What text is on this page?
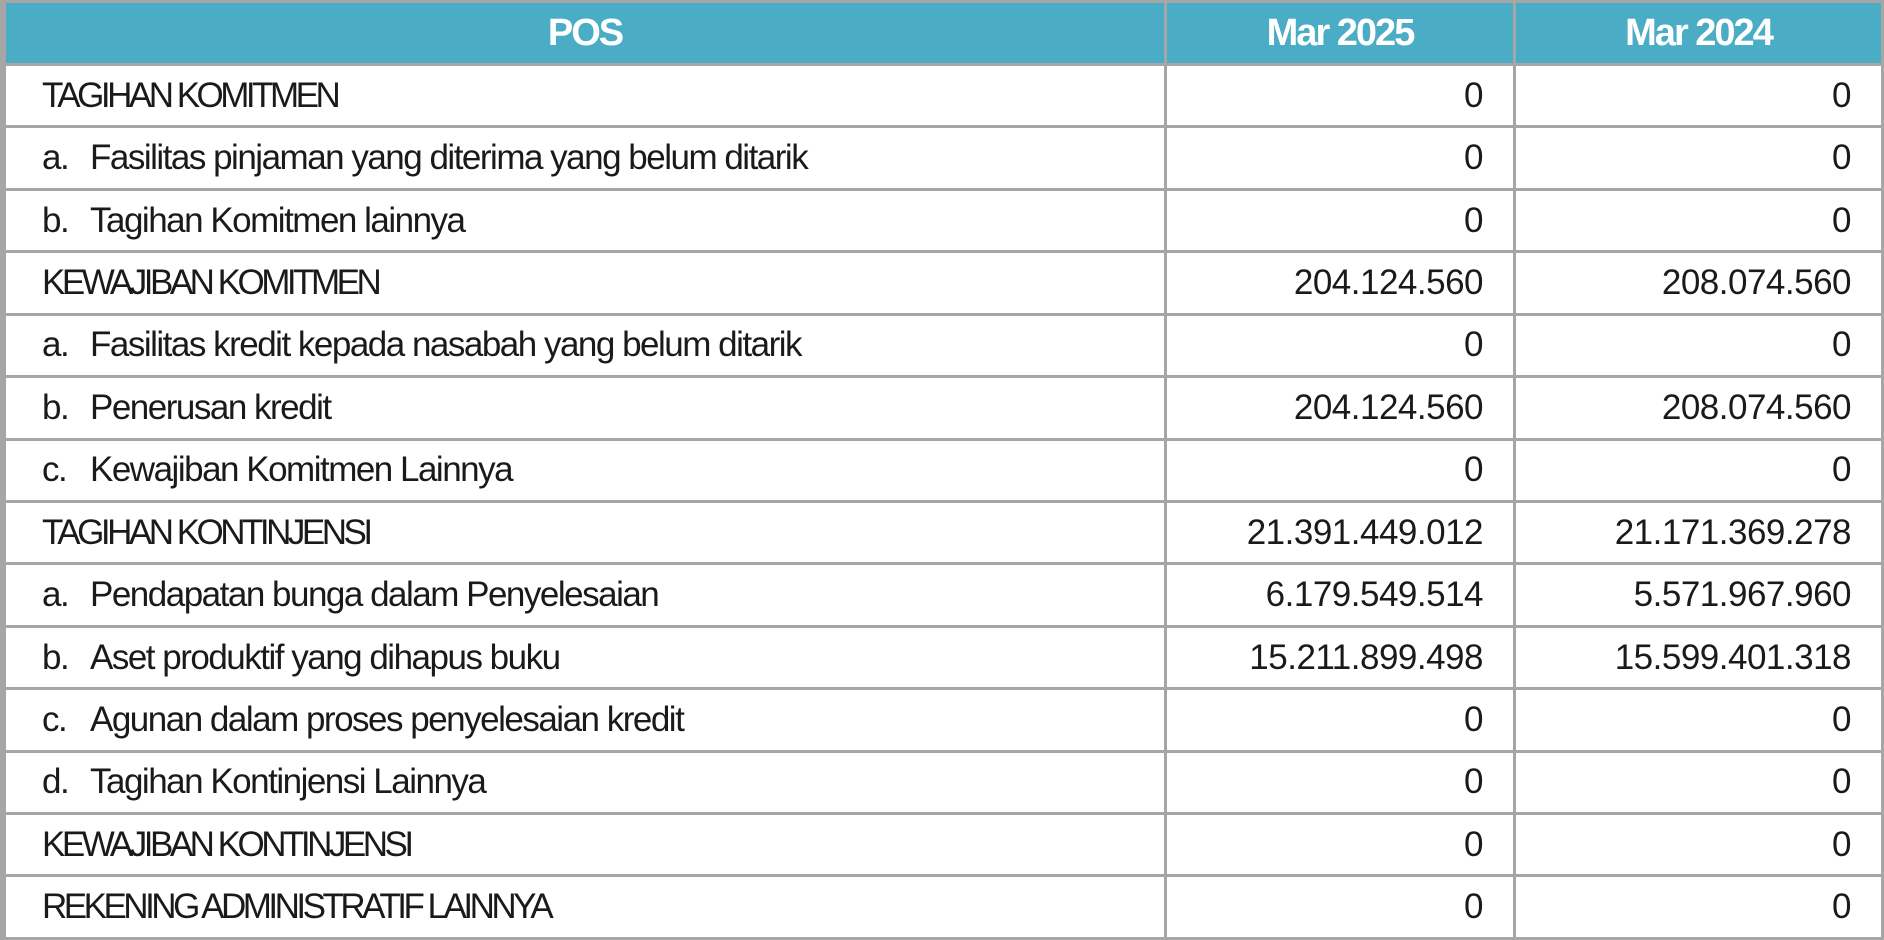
POS	Mar 2025	Mar 2024
TAGIHAN KOMITMEN	0	0
a. Fasilitas pinjaman yang diterima yang belum ditarik	0	0
b. Tagihan Komitmen lainnya	0	0
KEWAJIBAN KOMITMEN	204.124.560	208.074.560
a. Fasilitas kredit kepada nasabah yang belum ditarik	0	0
b. Penerusan kredit	204.124.560	208.074.560
c. Kewajiban Komitmen Lainnya	0	0
TAGIHAN KONTINJENSI	21.391.449.012	21.171.369.278
a. Pendapatan bunga dalam Penyelesaian	6.179.549.514	5.571.967.960
b. Aset produktif yang dihapus buku	15.211.899.498	15.599.401.318
c. Agunan dalam proses penyelesaian kredit	0	0
d. Tagihan Kontinjensi Lainnya	0	0
KEWAJIBAN KONTINJENSI	0	0
REKENING ADMINISTRATIF LAINNYA	0	0
